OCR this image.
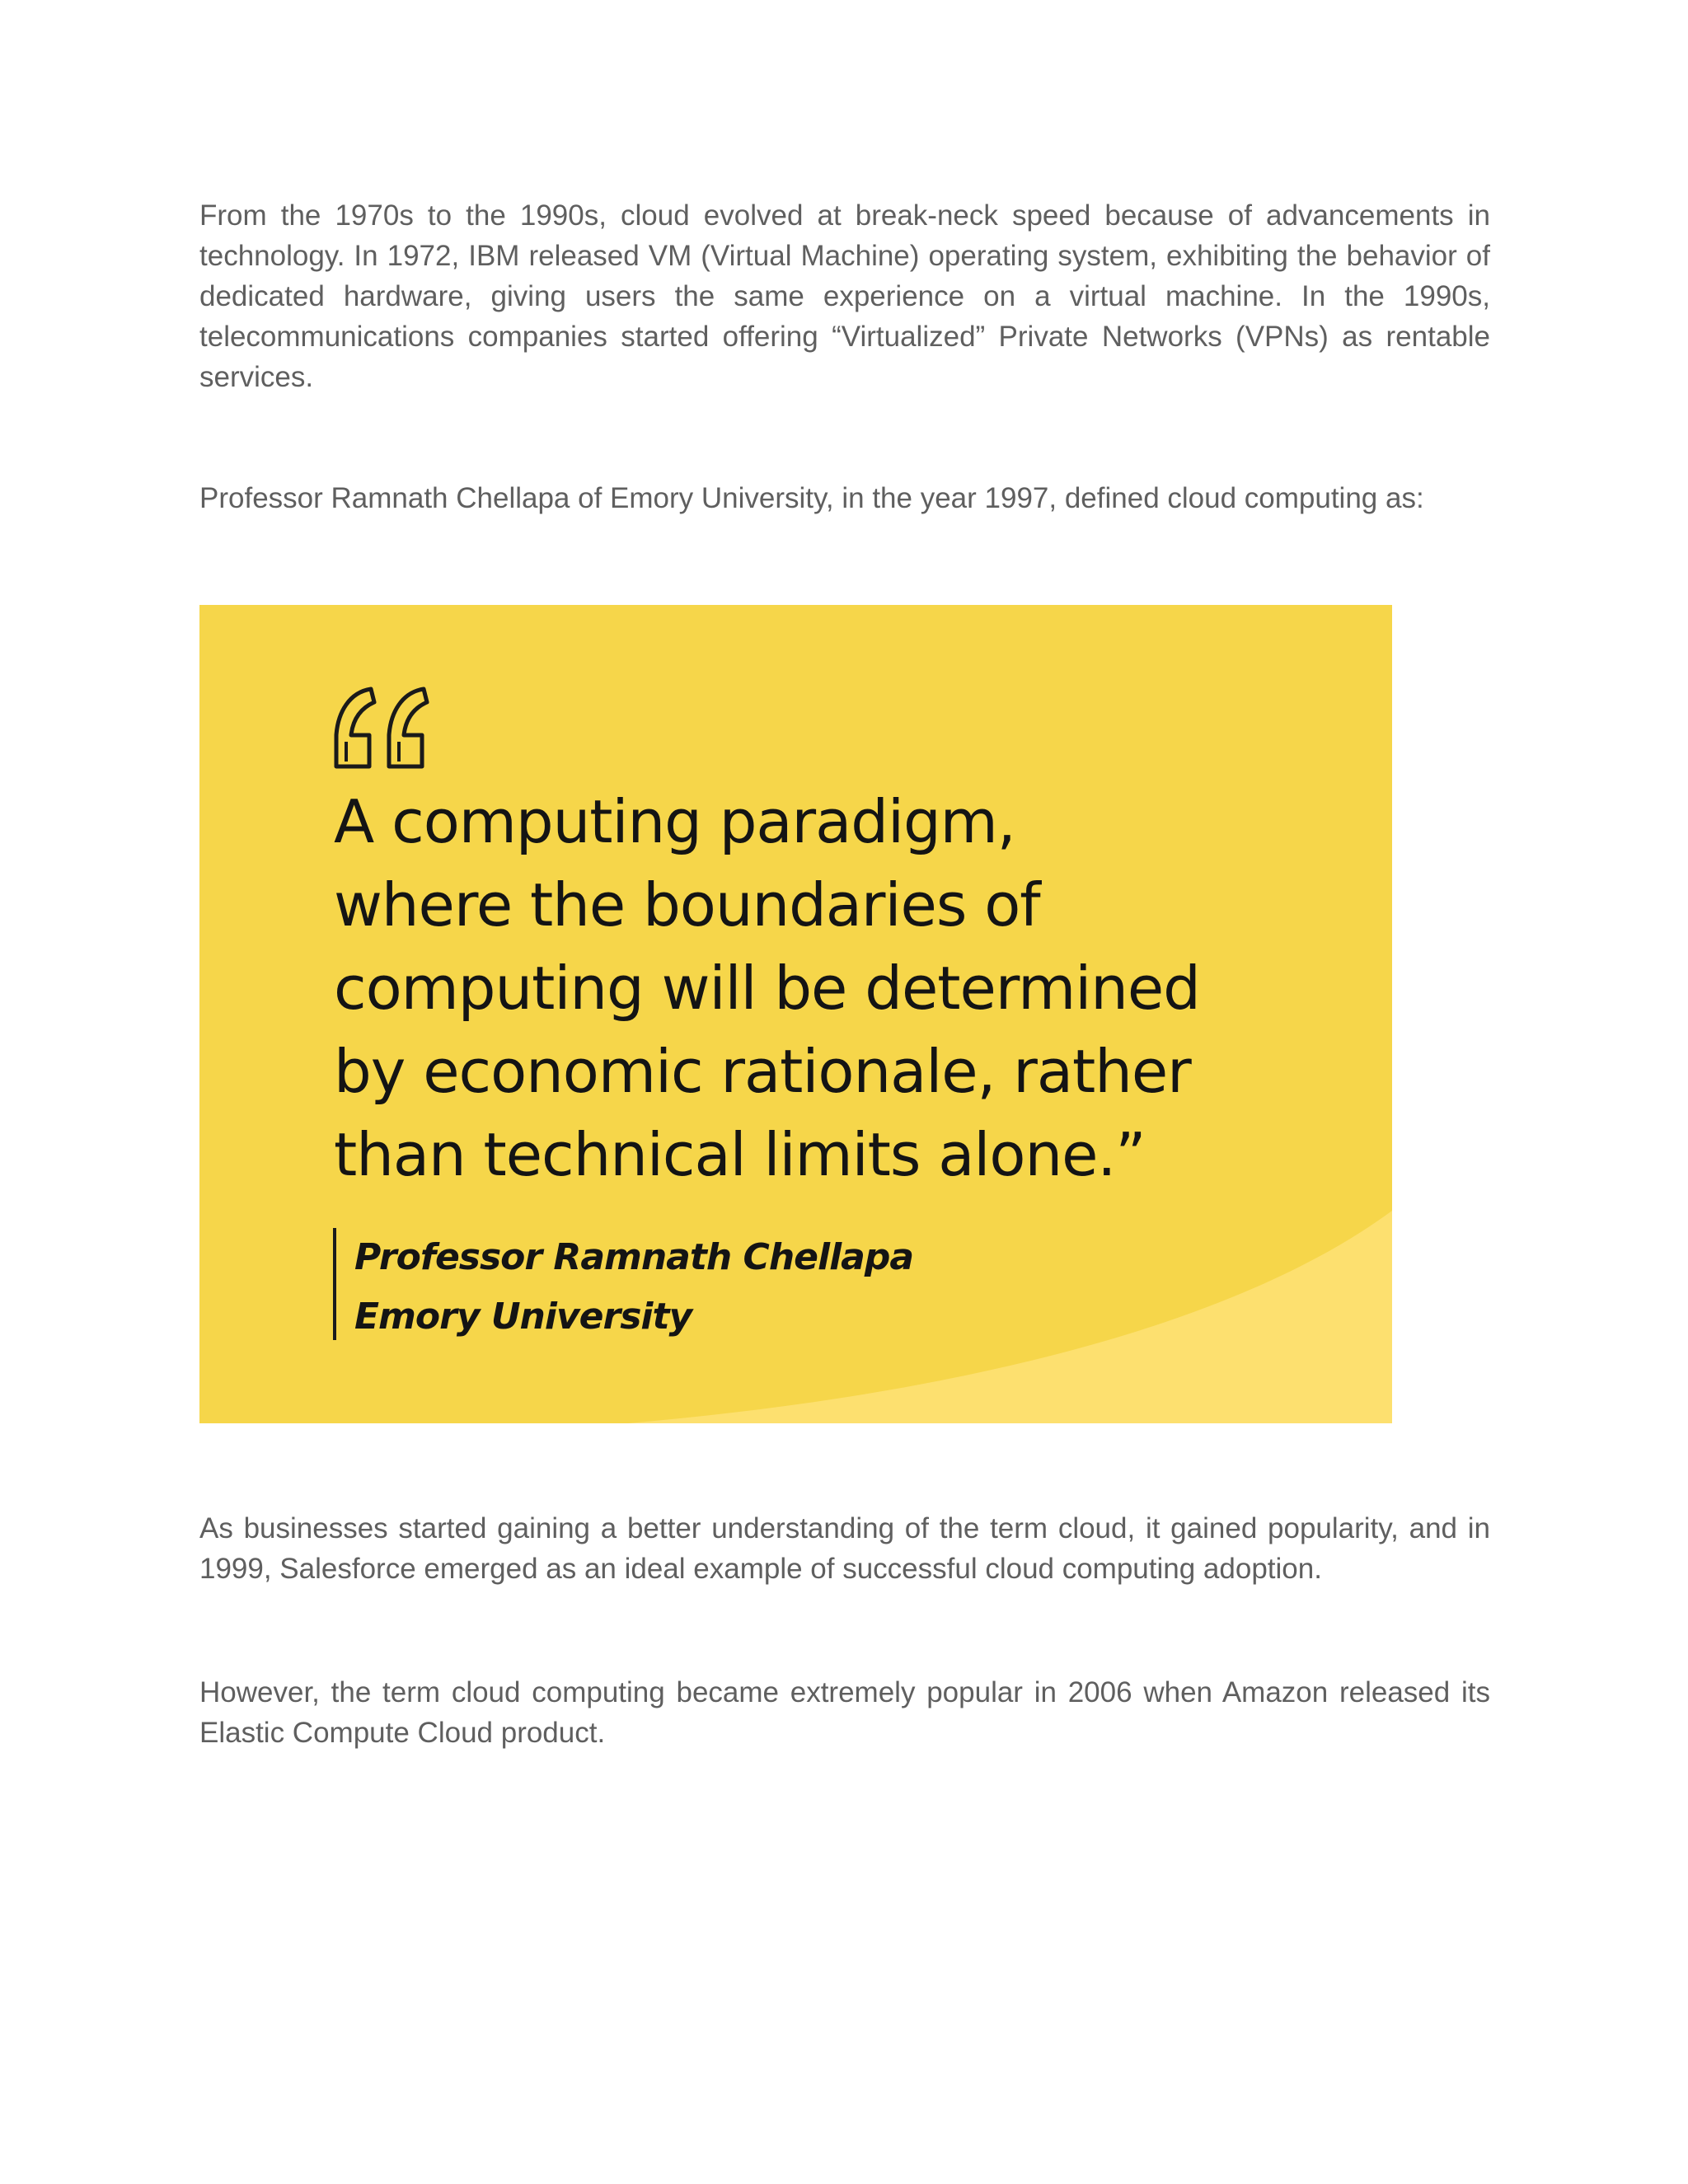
From the 1970s to the 1990s, cloud evolved at break-neck speed because of advancements in technology. In 1972, IBM released VM (Virtual Machine) operating system, exhibiting the behavior of dedicated hardware, giving users the same experience on a virtual machine. In the 1990s, telecommunications companies started offering “Virtualized” Private Networks (VPNs) as rentable services.

Professor Ramnath Chellapa of Emory University, in the year 1997, defined cloud computing as:

A computing paradigm,
where the boundaries of
computing will be determined
by economic rationale, rather
than technical limits alone.”

Professor Ramnath Chellapa
Emory University

As businesses started gaining a better understanding of the term cloud, it gained popularity, and in 1999, Salesforce emerged as an ideal example of successful cloud computing adoption.

However, the term cloud computing became extremely popular in 2006 when Amazon released its Elastic Compute Cloud product.
